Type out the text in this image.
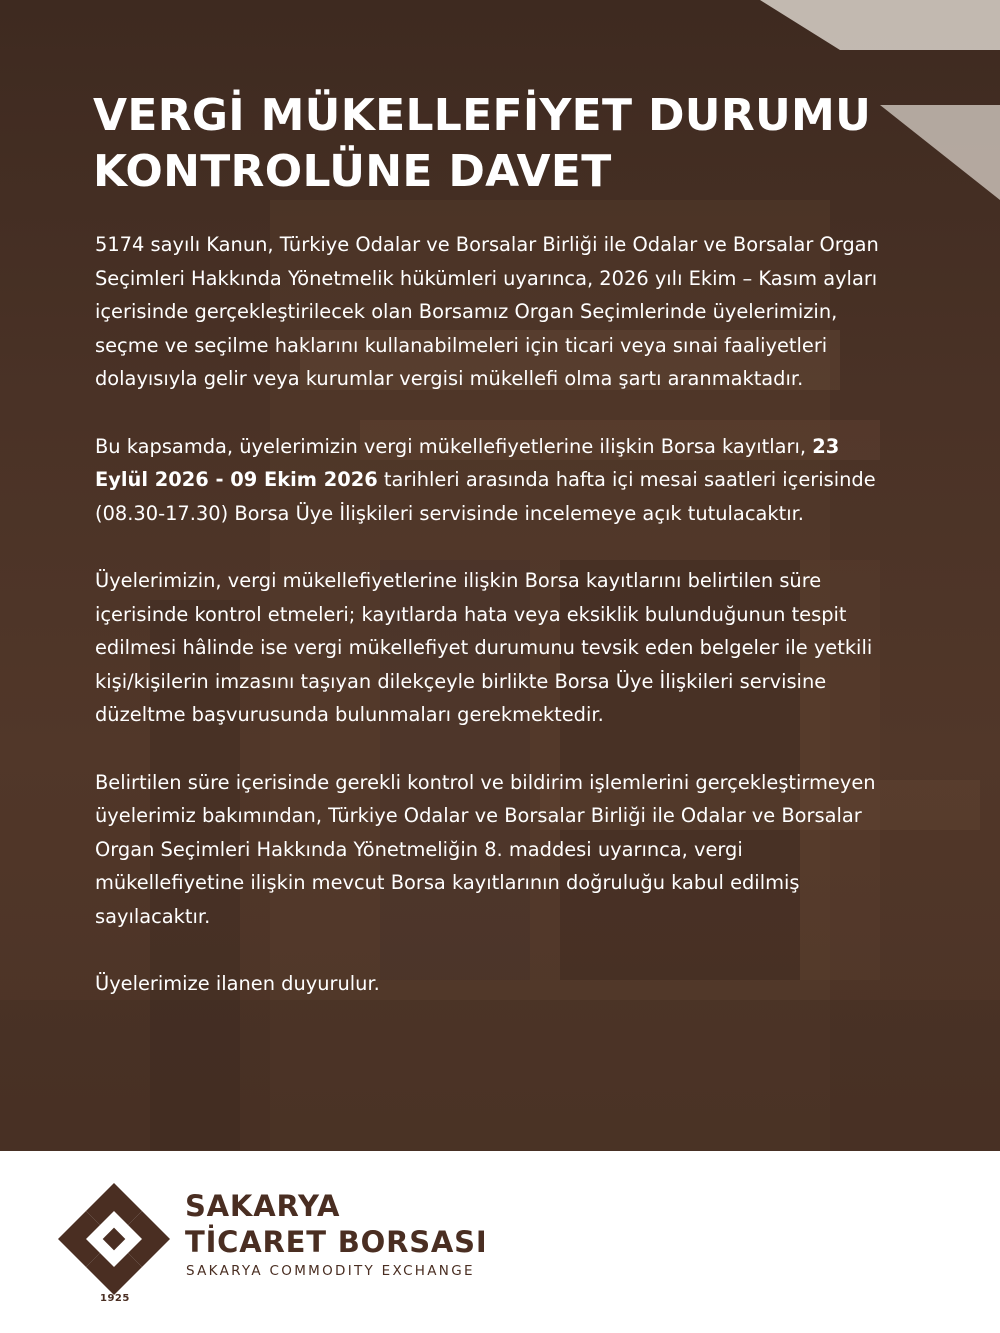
VERGİ MÜKELLEFİYET DURUMU
KONTROLÜNE DAVET

5174 sayılı Kanun, Türkiye Odalar ve Borsalar Birliği ile Odalar ve Borsalar Organ Seçimleri Hakkında Yönetmelik hükümleri uyarınca, 2026 yılı Ekim – Kasım ayları içerisinde gerçekleştirilecek olan Borsamız Organ Seçimlerinde üyelerimizin, seçme ve seçilme haklarını kullanabilmeleri için ticari veya sınai faaliyetleri dolayısıyla gelir veya kurumlar vergisi mükellefi olma şartı aranmaktadır.

Bu kapsamda, üyelerimizin vergi mükellefiyetlerine ilişkin Borsa kayıtları, 23 Eylül 2026 - 09 Ekim 2026 tarihleri arasında hafta içi mesai saatleri içerisinde (08.30-17.30) Borsa Üye İlişkileri servisinde incelemeye açık tutulacaktır.

Üyelerimizin, vergi mükellefiyetlerine ilişkin Borsa kayıtlarını belirtilen süre içerisinde kontrol etmeleri; kayıtlarda hata veya eksiklik bulunduğunun tespit edilmesi hâlinde ise vergi mükellefiyet durumunu tevsik eden belgeler ile yetkili kişi/kişilerin imzasını taşıyan dilekçeyle birlikte Borsa Üye İlişkileri servisine düzeltme başvurusunda bulunmaları gerekmektedir.

Belirtilen süre içerisinde gerekli kontrol ve bildirim işlemlerini gerçekleştirmeyen üyelerimiz bakımından, Türkiye Odalar ve Borsalar Birliği ile Odalar ve Borsalar Organ Seçimleri Hakkında Yönetmeliğin 8. maddesi uyarınca, vergi mükellefiyetine ilişkin mevcut Borsa kayıtlarının doğruluğu kabul edilmiş sayılacaktır.

Üyelerimize ilanen duyurulur.

1925
SAKARYA
TİCARET BORSASI
SAKARYA COMMODITY EXCHANGE
